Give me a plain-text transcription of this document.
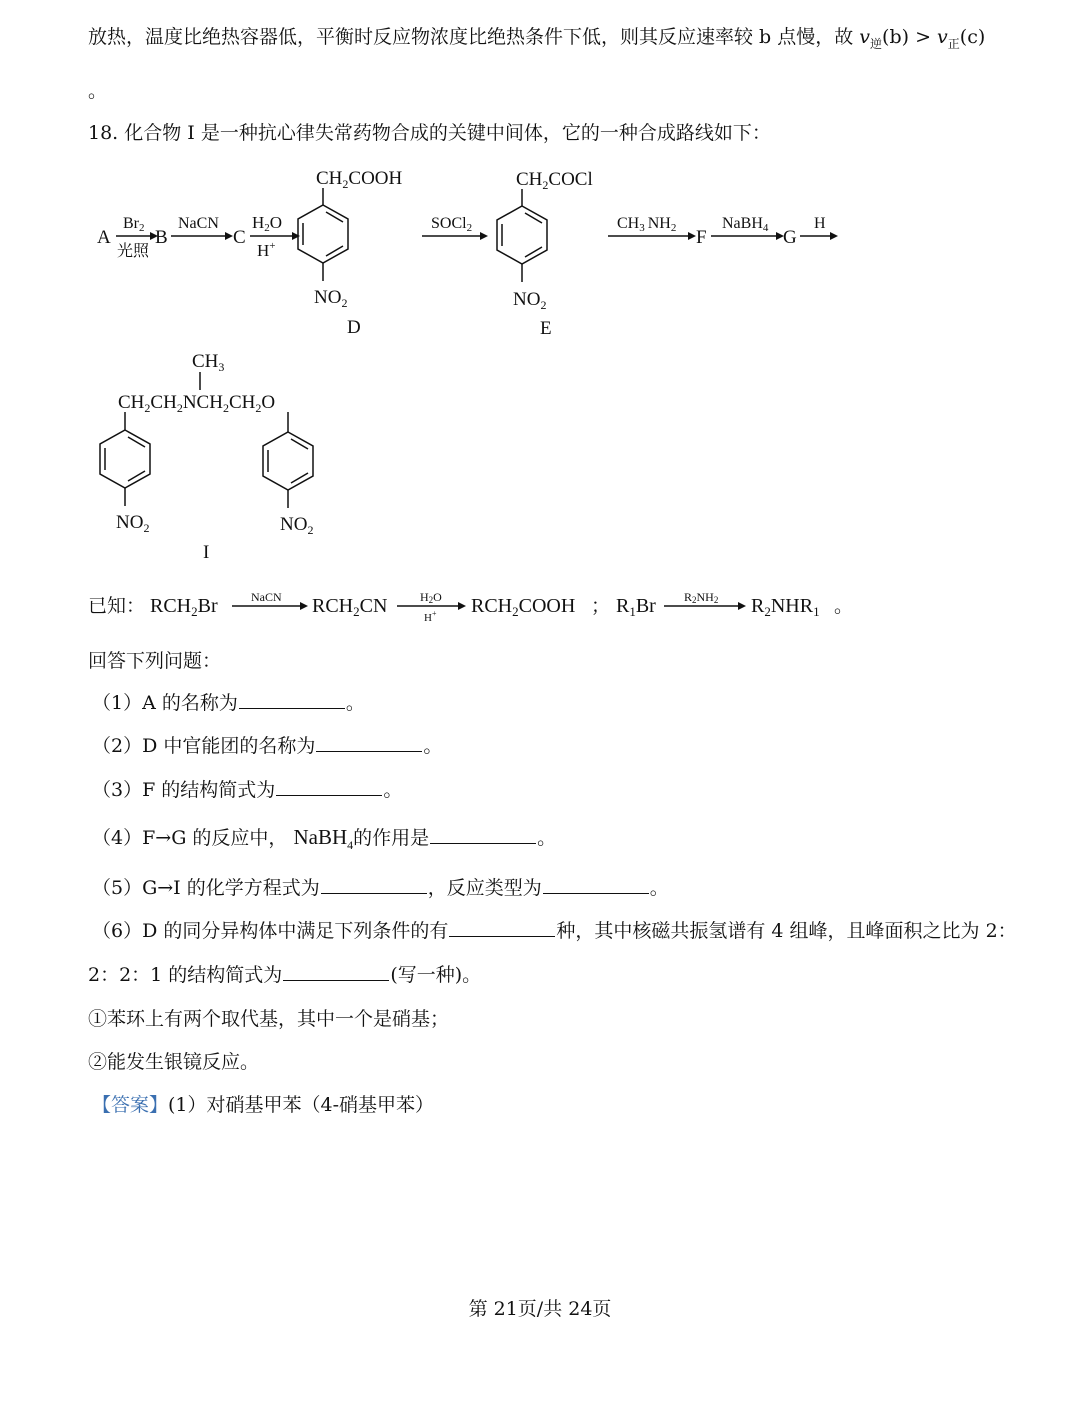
放热，温度比绝热容器低，平衡时反应物浓度比绝热条件下低，则其反应速率较 b 点慢，故 $v_逆(b) > v_正(c)$
。
18. 化合物 I 是一种抗心律失常药物合成的关键中间体，它的一种合成路线如下：
A
Br2
光照
B
NaCN
C
H2O
H+
$CH_2COOH$
$NO_2$
D
SOCl2
$CH_2COCl$
$NO_2$
E
CH3 NH2 F
NaBH4 G
H
$CH_3$
$CH_2CH_2NCH_2CH_2O$
$NO_2$	$NO_2$
I
已知： $RCH_2Br$	NaCN $RCH_2CN$	H2O
H+ $RCH_2COOH$ ； $R_1Br$ R2NH2 $R_2NHR_1$ 。
回答下列问题：
（1）A 的名称为	。
（2）D 中官能团的名称为	。
（3）F 的结构简式为	。
（4）F→G 的反应中， NaBH$_4$的作用是	。
（5）G→I 的化学方程式为	，反应类型为	。
（6）D 的同分异构体中满足下列条件的有	种，其中核磁共振氢谱有 4 组峰，且峰面积之比为 2：
2：2：1 的结构简式为	(写一种)。
①苯环上有两个取代基，其中一个是硝基；
②能发生银镜反应。
【答案】(1）对硝基甲苯（4-硝基甲苯）
第 21页/共 24页
